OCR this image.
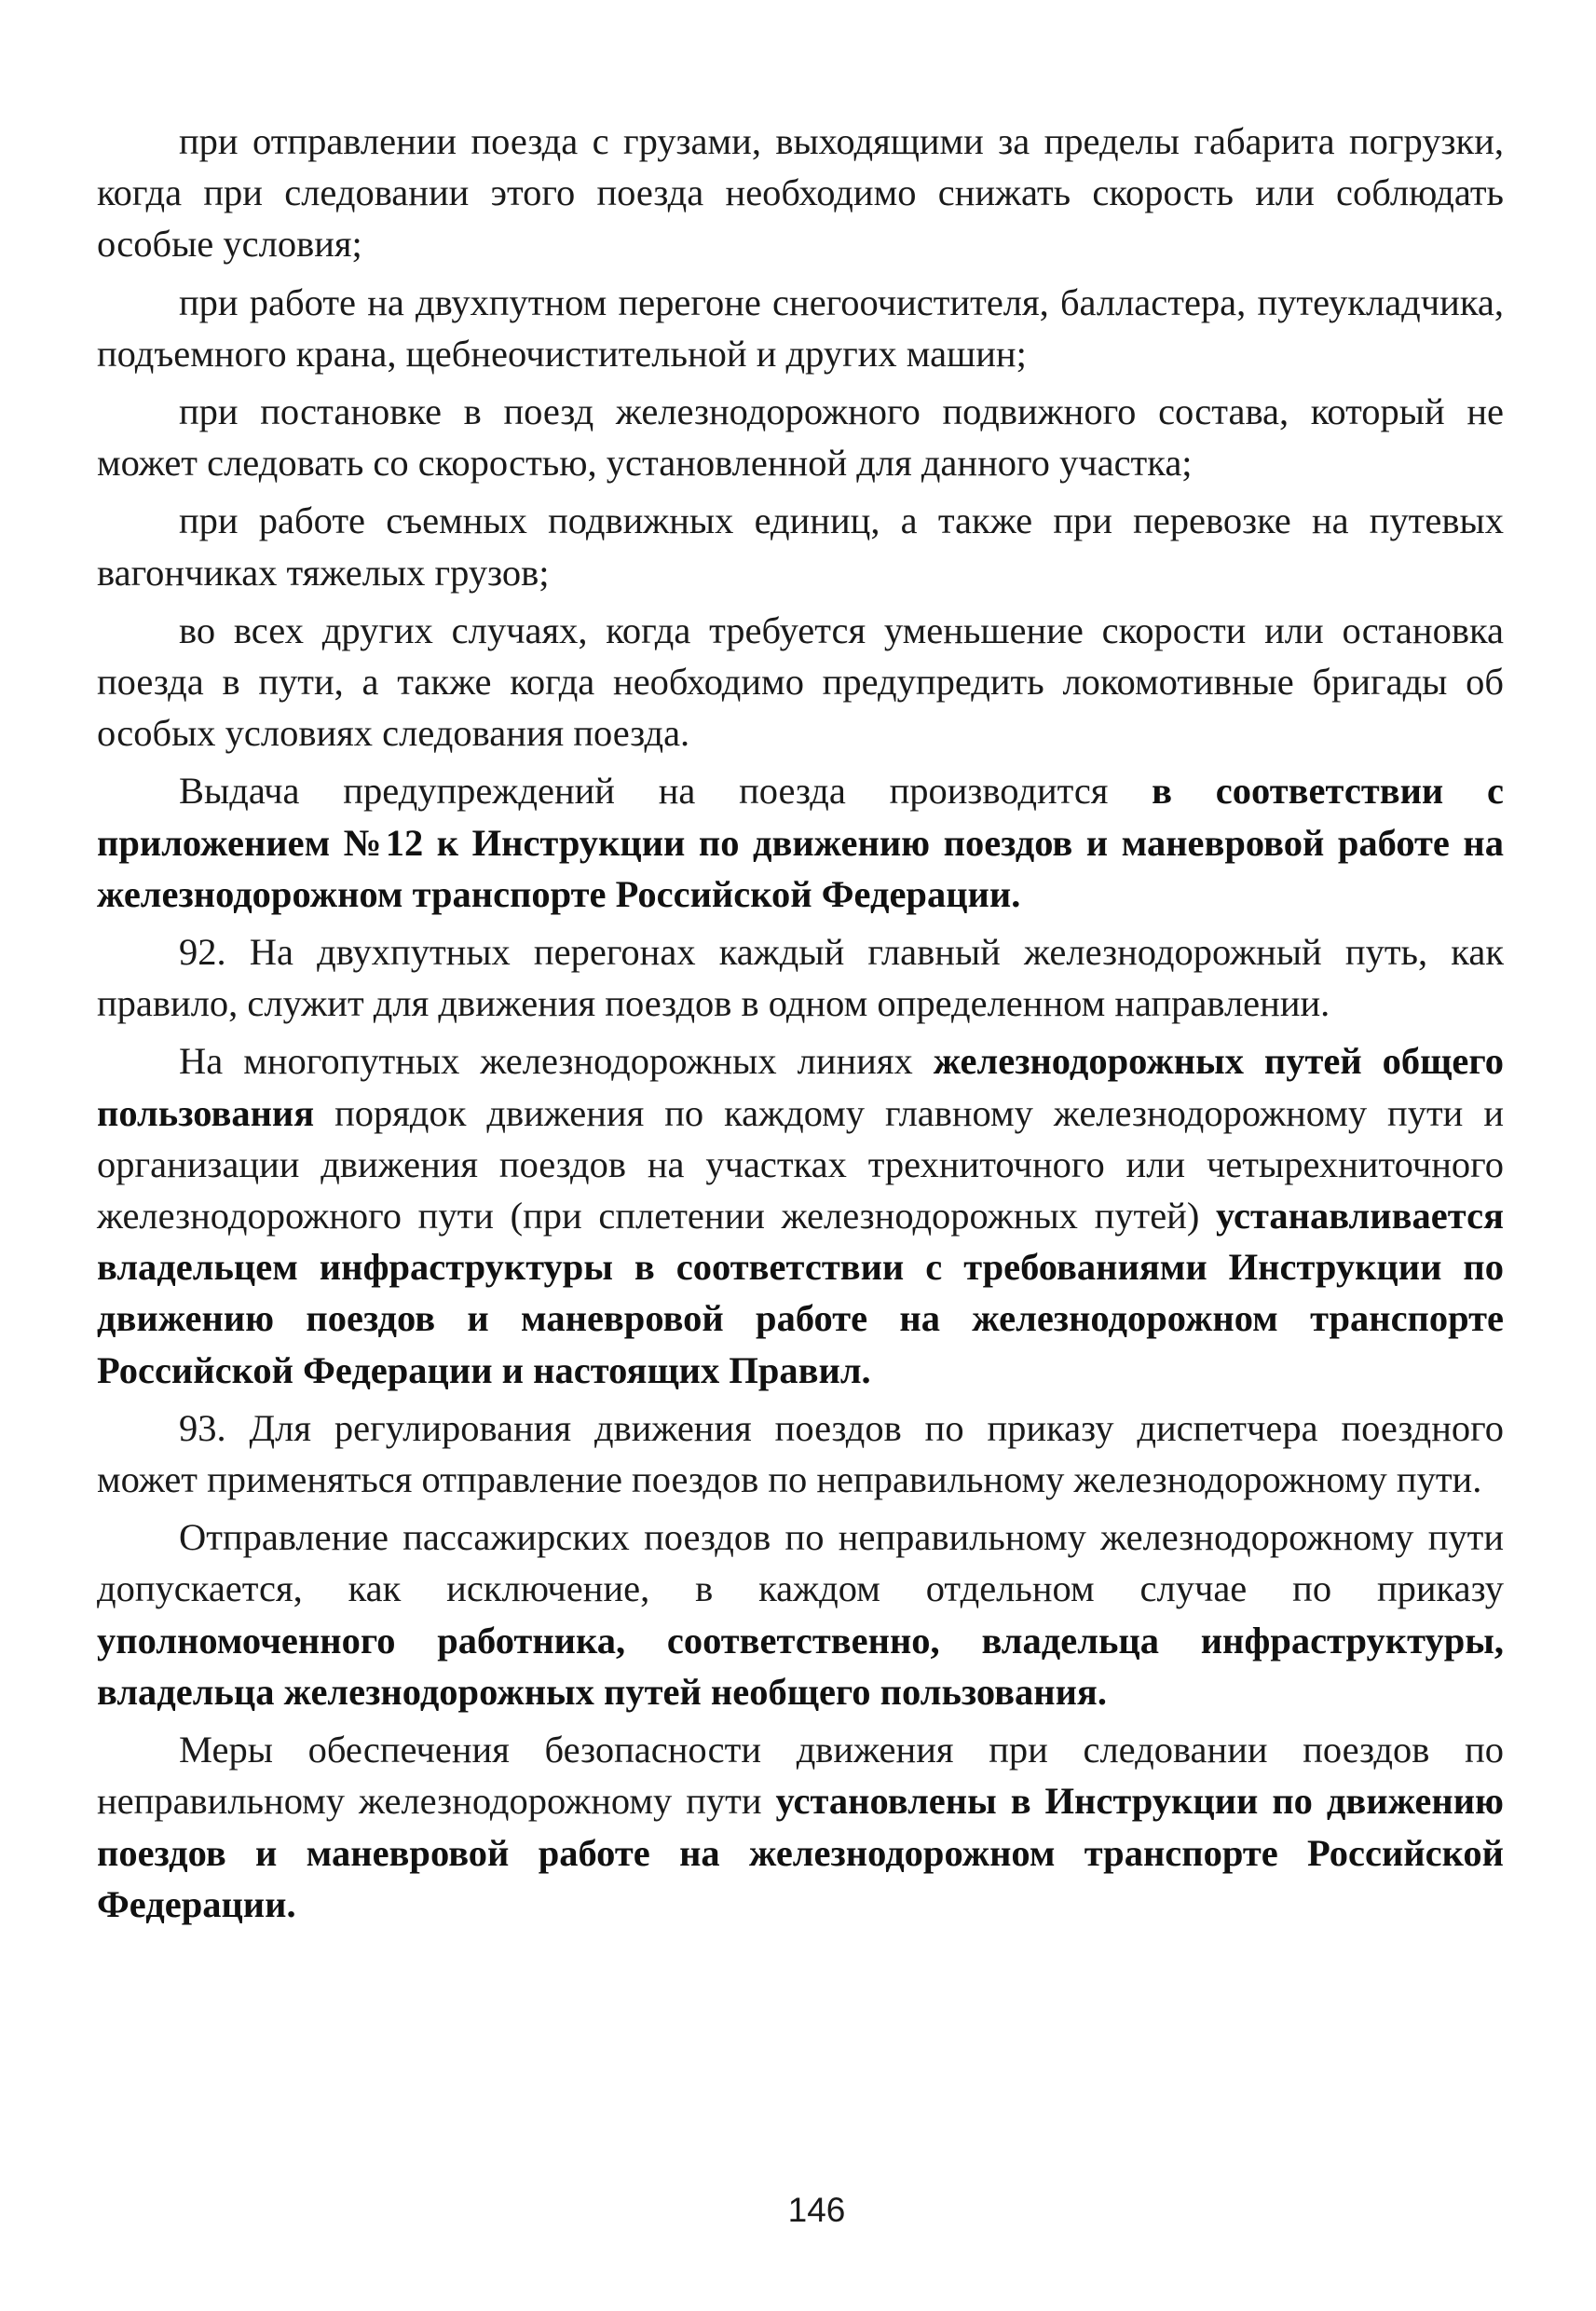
при отправлении поезда с грузами, выходящими за пределы габарита погрузки, когда при следовании этого поезда необходимо снижать скорость или соблюдать особые условия;

при работе на двухпутном перегоне снегоочистителя, балластера, путеукладчика, подъемного крана, щебнеочистительной и других машин;

при постановке в поезд железнодорожного подвижного состава, который не может следовать со скоростью, установленной для данного участка;

при работе съемных подвижных единиц, а также при перевозке на путевых вагончиках тяжелых грузов;

во всех других случаях, когда требуется уменьшение скорости или остановка поезда в пути, а также когда необходимо предупредить локомотивные бригады об особых условиях следования поезда.

Выдача предупреждений на поезда производится в соответствии с приложением №12 к Инструкции по движению поездов и маневровой работе на железнодорожном транспорте Российской Федерации.

92. На двухпутных перегонах каждый главный железнодорожный путь, как правило, служит для движения поездов в одном определенном направлении.

На многопутных железнодорожных линиях железнодорожных путей общего пользования порядок движения по каждому главному железнодорожному пути и организации движения поездов на участках трехниточного или четырехниточного железнодорожного пути (при сплетении железнодорожных путей) устанавливается владельцем инфраструктуры в соответствии с требованиями Инструкции по движению поездов и маневровой работе на железнодорожном транспорте Российской Федерации и настоящих Правил.

93. Для регулирования движения поездов по приказу диспетчера поездного может применяться отправление поездов по неправильному железнодорожному пути.

Отправление пассажирских поездов по неправильному железнодорожному пути допускается, как исключение, в каждом отдельном случае по приказу уполномоченного работника, соответственно, владельца инфраструктуры, владельца железнодорожных путей необщего пользования.

Меры обеспечения безопасности движения при следовании поездов по неправильному железнодорожному пути установлены в Инструкции по движению поездов и маневровой работе на железнодорожном транспорте Российской Федерации.

146
